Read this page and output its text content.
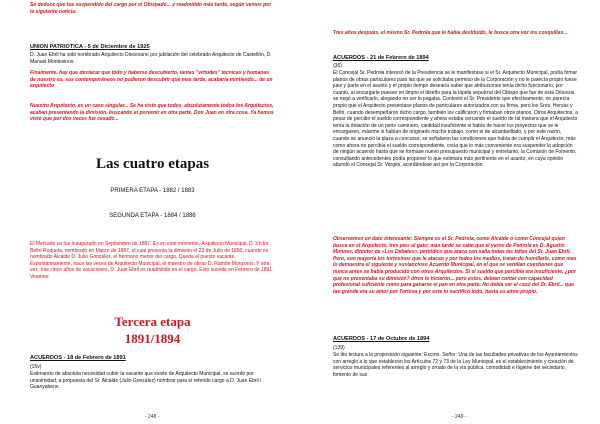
Se deduce que fue suspendido del cargo por el Obispado... y readmitido más tarde, según vemos por la siguiente noticia:

UNION PATRIOTICA - 5 de Diciembre de 1925

D. Juan Ebrll ha sido nombrado Arquitecto Diocesano por jubilación del celebrado Arquitecto de Castellón, D. Manuel Montesinos.

Finalmente, hay que destacar que todo y haberse descubierto, tantas "virtudes" técnicas y humanas de nuestro ex, sus contemporáneos no pudieron descubrir que mas tarde, acabaría mintiendo... de un arquitecto

Nuestro Arquitecto, es un caso singular... Se ha visto que todos, absolutamente todos los Arquitectos, acaban presentando la dimisión, buscando el porvenir en otra parte. Don Juan en otra cosa. Ya hemos visto que por dos veces fue cesado...

Las cuatro etapas

PRIMERA ETAPA - 1882 / 1883

SEGUNDA ETAPA - 1884 / 1886

El Mercado ya fue inaugurado en Septiembre de 1887. Es en este momento, Arquitecto Municipal, D. Víctor Beltrí Roqueta, nombrado en Marzo de 1887, el cual presenta la dimisión el 23 de Julio de 1890, cuando es nombrado Alcalde D. Julio González, el hermano menor del cargo. Queda el puesto vacante. Espontáneamente, hace las veces de Arquitecto Municipal, el maestro de obras D. Ramón Monzonís. Y otra vez, tras cinco años de vacaciones, D. Juan Ebril es readmitido en el cargo. Esto sucede en Febrero de 1891. Veamos:

Tercera etapa
1891/1894

ACUERDOS - 18 de Febrero de 1891

(15v)

Estimando de absoluta necesidad cubrir la vacante que existe de Arquitecto Municipal, se acordó por unanimidad, a propuesta del Sr. Alcalde (Julio González) nombrar para el referido cargo a D. Juan Ebril i Guanyabens.

- 248 -

Tres años después, el mismo Sr. Pedrola que le había destituido, le busca otra vez los cosquillas...

ACUERDOS - 21 de Febrero de 1894

(36)

El Concejal Sr. Pedrola interesó de la Presidencia se le manifestase si el Sr. Arquitecto Municipal, podía firmar planos de obras particulares para las que se solicitaba permiso de la Corporación y no le parecía propio fuese juez y parte en el asunto y el propio tiempo desearía saber que atribuciones tenía dicho funcionario, por cuanto, al encargarle puesse en limpio el diseño para la lápida sepulcral del Obispo que fue de esta Diócesis, se negó a verificarlo, alegando no ser lo pagaba. Contestó el Sr. Presidente que efectivamente, no parecía propio que el Arquitecto presentase planos de particulares autorizados con su firma, pero los Sres. Hervás y Beltri, cuando desempeñaron dicho cargo, también los calificaron y firmaban otros planos. Otros Arquitectos, a pesar de percibir el sueldo correspondiente y ahora estaba cercando el sueldo de tal manera que el Arquitecto tenía la dotación de un peón caminero, cantidad insuficiente si había de hacer los proyectos que se le encargasen, máxime si habían de originarle mucho trabajo, como el de alcantarillado, y por este razón, cuando se anunció la plaza a concurso, se señalaron las condiciones que había de cumplir el Arquitecto, más como ahora no percibía el sueldo correspondiente, creía que lo más conveniente era suspender la adopción de ningún acuerdo hasta que se formase nuevo presupuesto municipal y entretanto, la Comisión de Fomento, consultando antecedentes podía proponer lo que estimara más pertinente en el asunto, en cuya opinión abundó el Concejal Sr. Vergés, acordándose así por la Corporación.

Observemos un dato interesante: Siempre es el Sr. Pedrola, como Alcalde o como Concejal quien busca en el Arquitecto, tres pies al gato; más tarde se sabe que el yerno de Pedrola es D. Agustín Monnes, director de «Los Debates», periódico que ataca con saña todas las faltas del Sr. Juan Ebril. Pero, son mayoría los tortosinos que le atacan y por todos los medios, tratan de humillarle, como mas lo demuestra el siguiente y sustancioso Acuerdo Municipal, en el que se ventilan cuestiones que nunca antes se había producido con otros Arquitectos. Si el sueldo que percibía era insuficiente, ¿por que no presentaba su dimisión? ótros lo hicieron... pero éstos, debían contar con capacidad profesional suficiente como para ganarse el pan en otra parte. No debía ser el caso del Sr. Ebril... que tan grande era su amor por Tortosa y por este lo sacrificó todo, hasta su amor propio.

ACUERDOS - 17 de Octubre de 1894

(139)

Se dio lectura a la proposición siguiente: Excmo. Señor: Una de las facultades privativas de los Ayuntamientos con arreglo a lo que establecen los Artículos 72 y 73 de la Ley Municipal, es el establecimiento y creación de servicios municipales referentes al arreglo y ornato de la vía pública, comodidad e higiene del vecindario, fomento de sus

- 249 -
